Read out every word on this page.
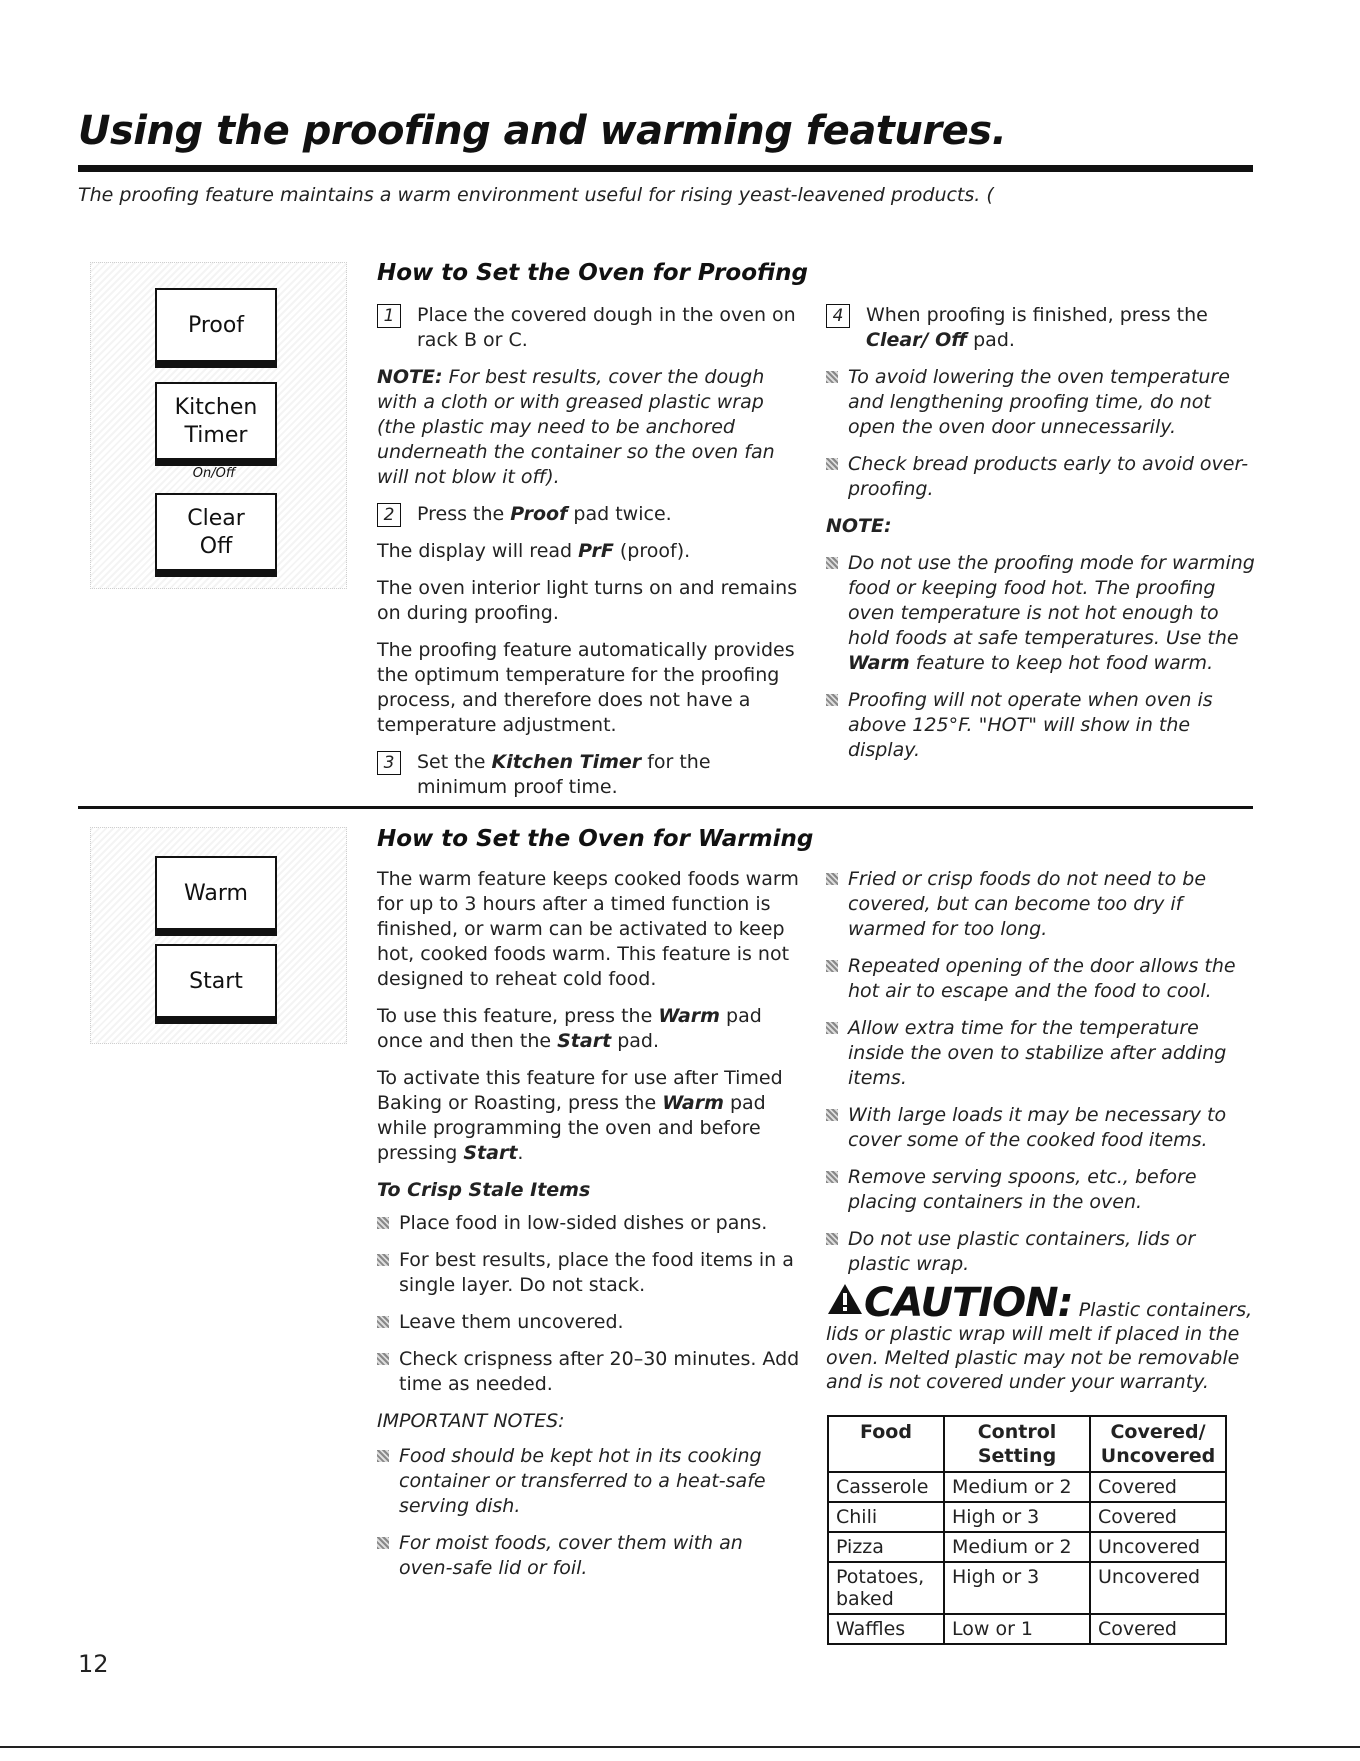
Using the proofing and warming features.
The proofing feature maintains a warm environment useful for rising yeast-leavened products. (
Proof
Kitchen
Timer
On/Off
Clear
Off
How to Set the Oven for Proofing
1	Place the covered dough in the oven on rack B or C.

NOTE: For best results, cover the dough with a cloth or with greased plastic wrap (the plastic may need to be anchored underneath the container so the oven fan will not blow it off).

2	Press the Proof pad twice.

The display will read PrF (proof).

The oven interior light turns on and remains on during proofing.

The proofing feature automatically provides the optimum temperature for the proofing process, and therefore does not have a temperature adjustment.

3	Set the Kitchen Timer for the minimum proof time.
4	When proofing is finished, press the Clear/ Off pad.
To avoid lowering the oven temperature and lengthening proofing time, do not open the oven door unnecessarily.
Check bread products early to avoid over-proofing.

NOTE:

Do not use the proofing mode for warming food or keeping food hot. The proofing oven temperature is not hot enough to hold foods at safe temperatures. Use the Warm feature to keep hot food warm.
Proofing will not operate when oven is above 125°F. "HOT" will show in the display.
Warm
Start
How to Set the Oven for Warming

The warm feature keeps cooked foods warm for up to 3 hours after a timed function is finished, or warm can be activated to keep hot, cooked foods warm. This feature is not designed to reheat cold food.

To use this feature, press the Warm pad once and then the Start pad.

To activate this feature for use after Timed Baking or Roasting, press the Warm pad while programming the oven and before pressing Start.

To Crisp Stale Items

Place food in low-sided dishes or pans.
For best results, place the food items in a single layer. Do not stack.
Leave them uncovered.
Check crispness after 20–30 minutes. Add time as needed.

IMPORTANT NOTES:

Food should be kept hot in its cooking container or transferred to a heat-safe serving dish.
For moist foods, cover them with an oven-safe lid or foil.
Fried or crisp foods do not need to be covered, but can become too dry if warmed for too long.
Repeated opening of the door allows the hot air to escape and the food to cool.
Allow extra time for the temperature inside the oven to stabilize after adding items.
With large loads it may be necessary to cover some of the cooked food items.
Remove serving spoons, etc., before placing containers in the oven.
Do not use plastic containers, lids or plastic wrap.
CAUTION: Plastic containers, lids or plastic wrap will melt if placed in the oven. Melted plastic may not be removable and is not covered under your warranty.
Food	Control Setting	Covered/ Uncovered
Casserole	Medium or 2	Covered
Chili	High or 3	Covered
Pizza	Medium or 2	Uncovered
Potatoes, baked	High or 3	Uncovered
Waffles	Low or 1	Covered
12
